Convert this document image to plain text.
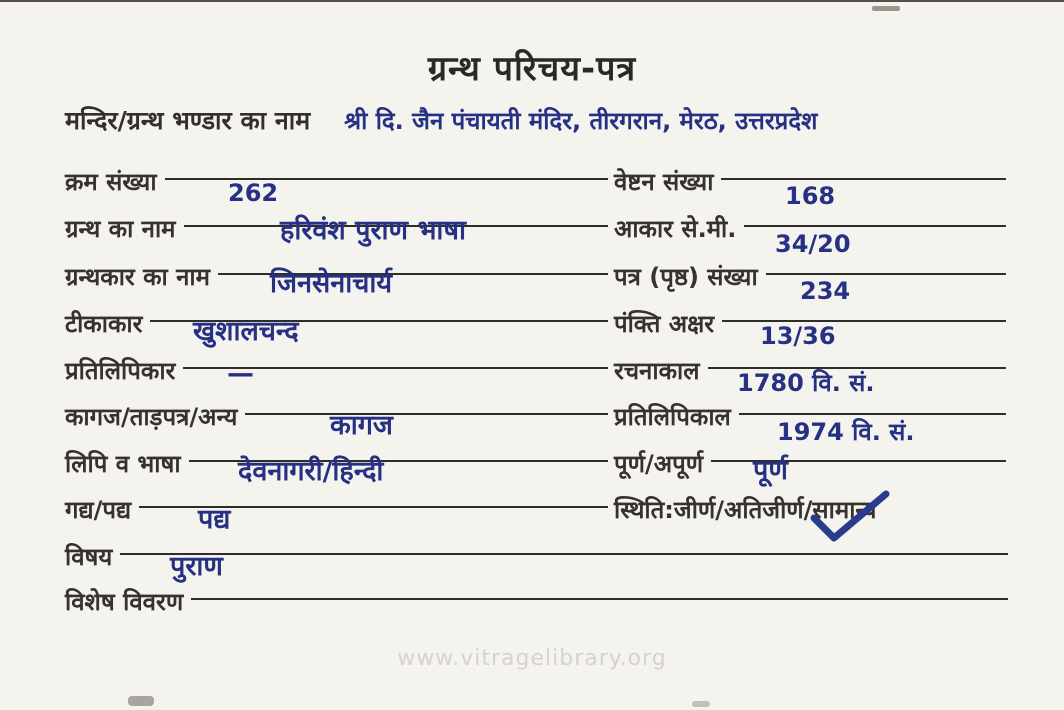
ग्रन्थ परिचय-पत्र
मन्दिर/ग्रन्थ भण्डार का नाम श्री दि. जैन पंचायती मंदिर, तीरगरान, मेरठ, उत्तरप्रदेश
क्रम संख्या	262
ग्रन्थ का नाम	हरिवंश पुराण भाषा
ग्रन्थकार का नाम जिनसेनाचार्य
टीकाकार खुशालचन्द
प्रतिलिपिकार —
कागज/ताड़पत्र/अन्य	कागज
लिपि व भाषा देवनागरी/हिन्दी
गद्य/पद्य पद्य
विषय पुराण
विशेष विवरण
वेष्टन संख्या	168
आकार से.मी.
34/20
पत्र (पृष्ठ) संख्या 234
पंक्ति अक्षर 13/36
रचनाकाल 1780 वि. सं.
प्रतिलिपिकाल
1974 वि. सं.
पूर्ण/अपूर्ण पूर्ण
स्थिति:जीर्ण/अतिजीर्ण/ सामान्य
www.vitragelibrary.org
